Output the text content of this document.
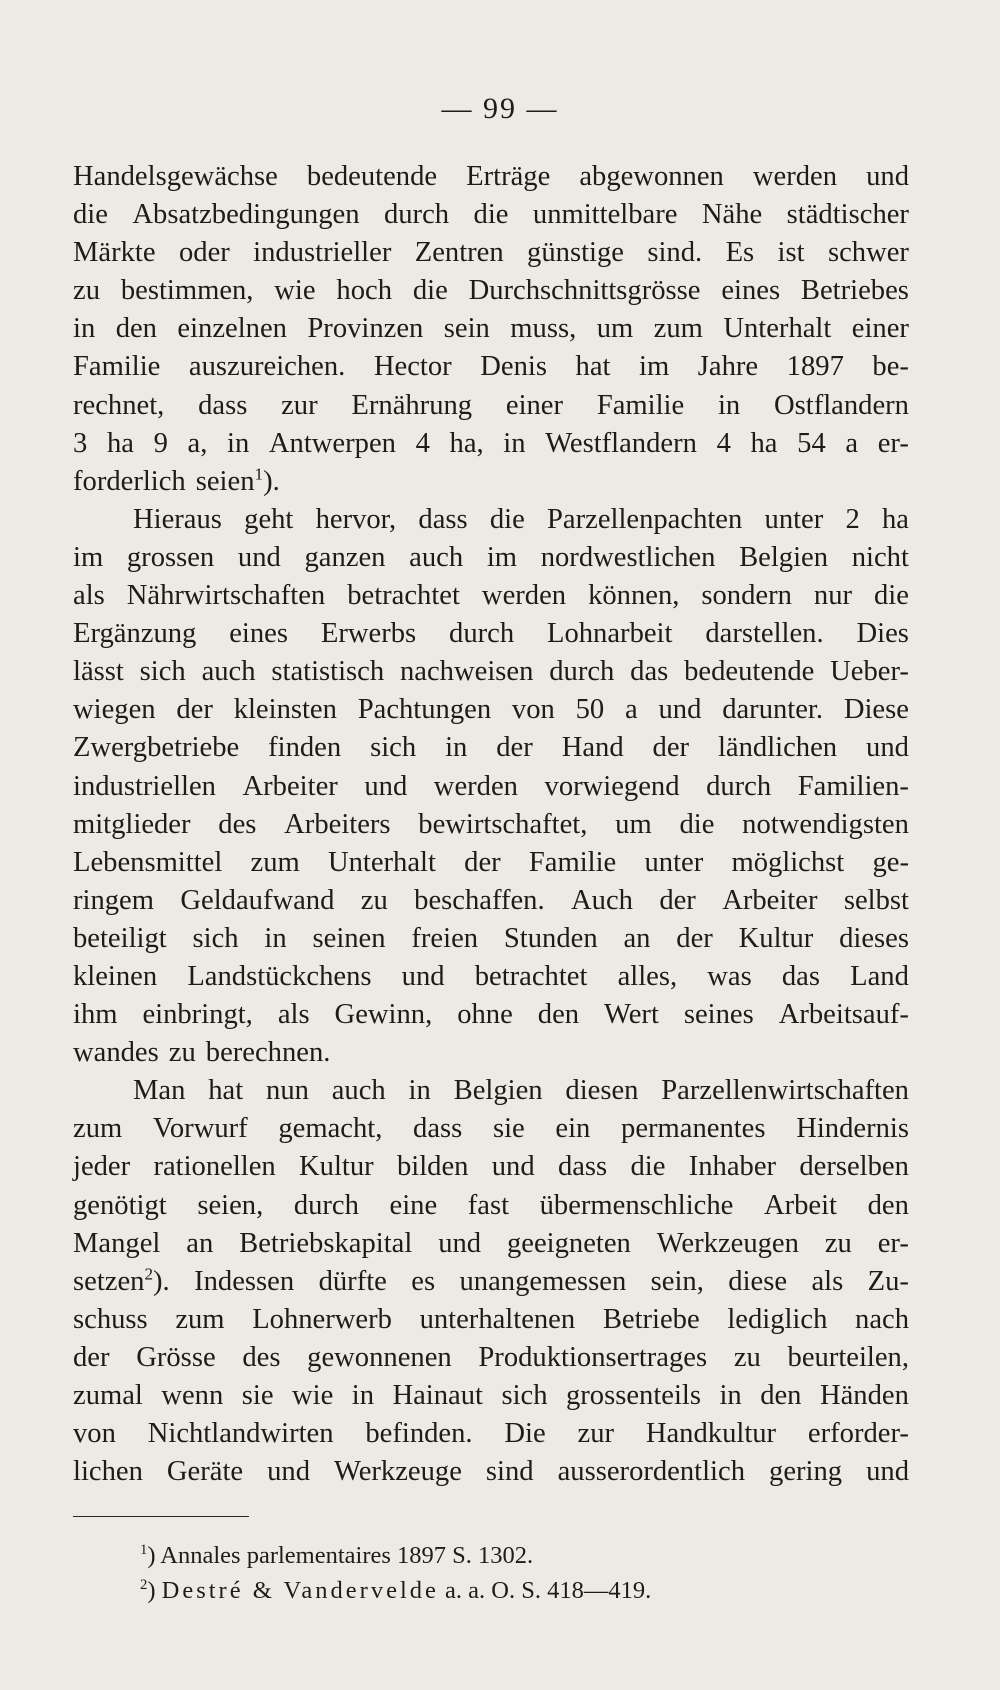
— 99 —
Handelsgewächse bedeutende Erträge abgewonnen werden und
die Absatzbedingungen durch die unmittelbare Nähe städtischer
Märkte oder industrieller Zentren günstige sind. Es ist schwer
zu bestimmen, wie hoch die Durchschnittsgrösse eines Betriebes
in den einzelnen Provinzen sein muss, um zum Unterhalt einer
Familie auszureichen. Hector Denis hat im Jahre 1897 be-
rechnet, dass zur Ernährung einer Familie in Ostflandern
3 ha 9 a, in Antwerpen 4 ha, in Westflandern 4 ha 54 a er-
forderlich seien$^1$).
Hieraus geht hervor, dass die Parzellenpachten unter 2 ha
im grossen und ganzen auch im nordwestlichen Belgien nicht
als Nährwirtschaften betrachtet werden können, sondern nur die
Ergänzung eines Erwerbs durch Lohnarbeit darstellen. Dies
lässt sich auch statistisch nachweisen durch das bedeutende Ueber-
wiegen der kleinsten Pachtungen von 50 a und darunter. Diese
Zwergbetriebe finden sich in der Hand der ländlichen und
industriellen Arbeiter und werden vorwiegend durch Familien-
mitglieder des Arbeiters bewirtschaftet, um die notwendigsten
Lebensmittel zum Unterhalt der Familie unter möglichst ge-
ringem Geldaufwand zu beschaffen. Auch der Arbeiter selbst
beteiligt sich in seinen freien Stunden an der Kultur dieses
kleinen Landstückchens und betrachtet alles, was das Land
ihm einbringt, als Gewinn, ohne den Wert seines Arbeitsauf-
wandes zu berechnen.
Man hat nun auch in Belgien diesen Parzellenwirtschaften
zum Vorwurf gemacht, dass sie ein permanentes Hindernis
jeder rationellen Kultur bilden und dass die Inhaber derselben
genötigt seien, durch eine fast übermenschliche Arbeit den
Mangel an Betriebskapital und geeigneten Werkzeugen zu er-
setzen$^2$). Indessen dürfte es unangemessen sein, diese als Zu-
schuss zum Lohnerwerb unterhaltenen Betriebe lediglich nach
der Grösse des gewonnenen Produktionsertrages zu beurteilen,
zumal wenn sie wie in Hainaut sich grossenteils in den Händen
von Nichtlandwirten befinden. Die zur Handkultur erforder-
lichen Geräte und Werkzeuge sind ausserordentlich gering und
$^1$) Annales parlementaires 1897 S. 1302.
$^2$) Destré & Vandervelde a. a. O. S. 418—419.
